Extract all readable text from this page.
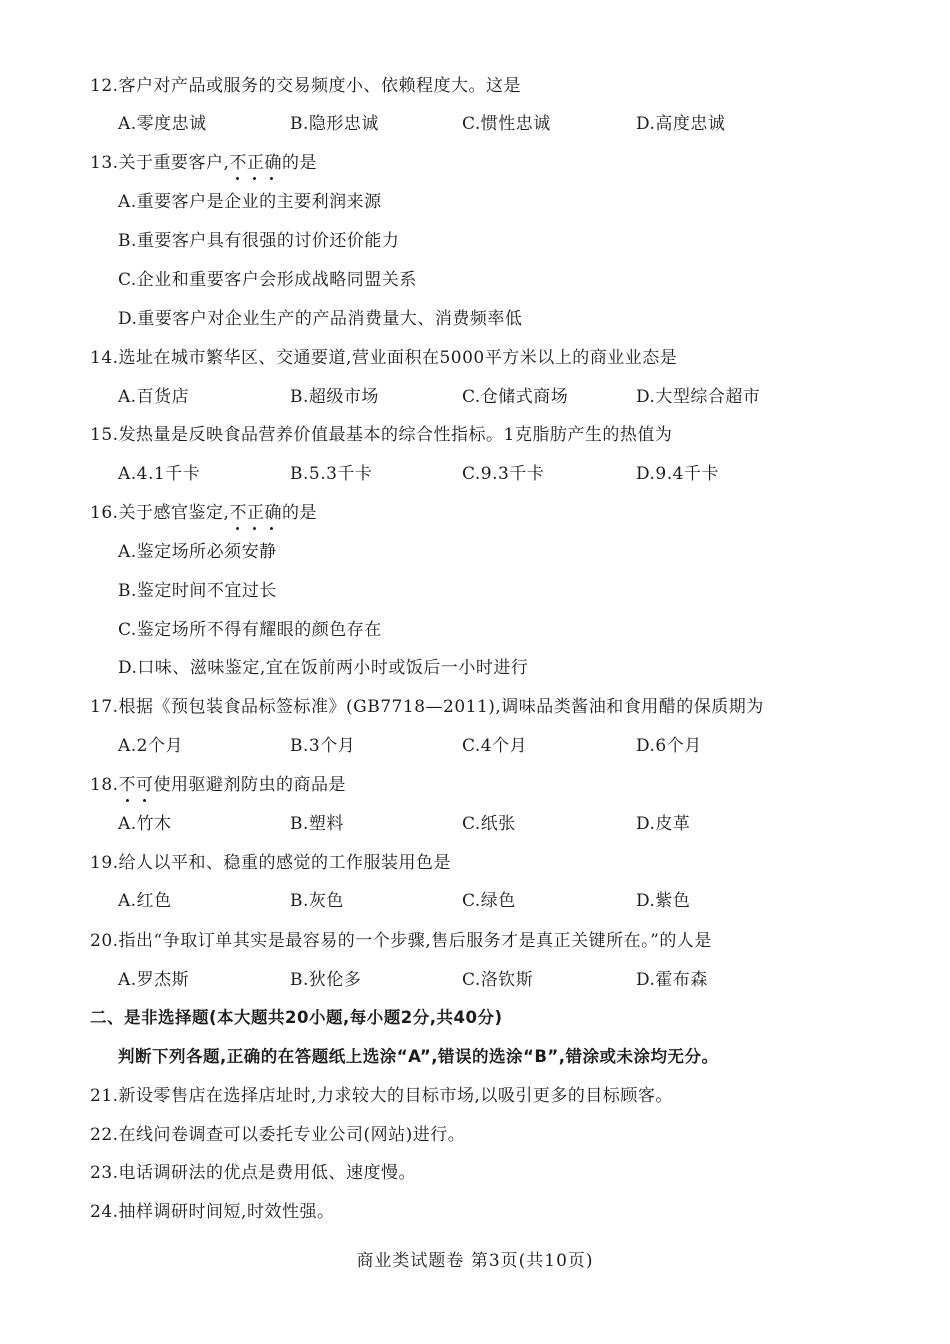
12.客户对产品或服务的交易频度小、依赖程度大。这是
A.零度忠诚	B.隐形忠诚	C.惯性忠诚	D.高度忠诚
13.关于重要客户,不正确的是
A.重要客户是企业的主要利润来源
B.重要客户具有很强的讨价还价能力
C.企业和重要客户会形成战略同盟关系
D.重要客户对企业生产的产品消费量大、消费频率低
14.选址在城市繁华区、交通要道,营业面积在5000平方米以上的商业业态是
A.百货店	B.超级市场	C.仓储式商场	D.大型综合超市
15.发热量是反映食品营养价值最基本的综合性指标。1克脂肪产生的热值为
A.4.1千卡	B.5.3千卡	C.9.3千卡	D.9.4千卡
16.关于感官鉴定,不正确的是
A.鉴定场所必须安静
B.鉴定时间不宜过长
C.鉴定场所不得有耀眼的颜色存在
D.口味、滋味鉴定,宜在饭前两小时或饭后一小时进行
17.根据《预包装食品标签标准》(GB7718—2011),调味品类酱油和食用醋的保质期为
A.2个月	B.3个月	C.4个月	D.6个月
18.不可使用驱避剂防虫的商品是
A.竹木	B.塑料	C.纸张	D.皮革
19.给人以平和、稳重的感觉的工作服装用色是
A.红色	B.灰色	C.绿色	D.紫色
20.指出“争取订单其实是最容易的一个步骤,售后服务才是真正关键所在。”的人是
A.罗杰斯	B.狄伦多	C.洛钦斯	D.霍布森
二、是非选择题(本大题共20小题,每小题2分,共40分)
判断下列各题,正确的在答题纸上选涂“A”,错误的选涂“B”,错涂或未涂均无分。
21.新设零售店在选择店址时,力求较大的目标市场,以吸引更多的目标顾客。
22.在线问卷调查可以委托专业公司(网站)进行。
23.电话调研法的优点是费用低、速度慢。
24.抽样调研时间短,时效性强。
商业类试题卷 第3页(共10页)
